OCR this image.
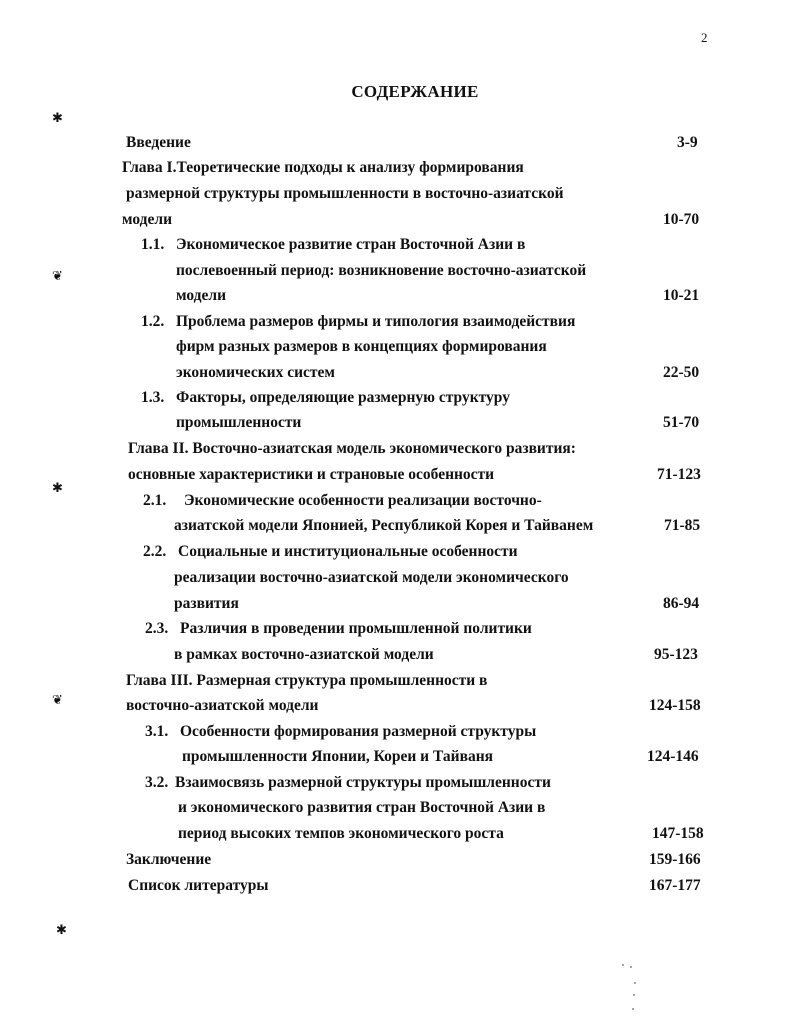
2
СОДЕРЖАНИЕ
✱
❦
✱
❦
✱
Введение	3-9
Глава I.Теоретические подходы к анализу формирования
размерной структуры промышленности в восточно-азиатской
модели	10-70
1.1. Экономическое развитие стран Восточной Азии в
послевоенный период: возникновение восточно-азиатской
модели	10-21
1.2. Проблема размеров фирмы и типология взаимодействия
фирм разных размеров в концепциях формирования
экономических систем	22-50
1.3. Факторы, определяющие размерную структуру
промышленности	51-70
Глава II. Восточно-азиатская модель экономического развития:
основные характеристики и страновые особенности	71-123
2.1. Экономические особенности реализации восточно-
азиатской модели Японией, Республикой Корея и Тайванем	71-85
2.2. Социальные и институциональные особенности
реализации восточно-азиатской модели экономического
развития	86-94
2.3. Различия в проведении промышленной политики
в рамках восточно-азиатской модели	95-123
Глава III. Размерная структура промышленности в
восточно-азиатской модели	124-158
3.1. Особенности формирования размерной структуры
промышленности Японии, Кореи и Тайваня	124-146
3.2. Взаимосвязь размерной структуры промышленности
и экономического развития стран Восточной Азии в
период высоких темпов экономического роста	147-158
Заключение	159-166
Список литературы	167-177
